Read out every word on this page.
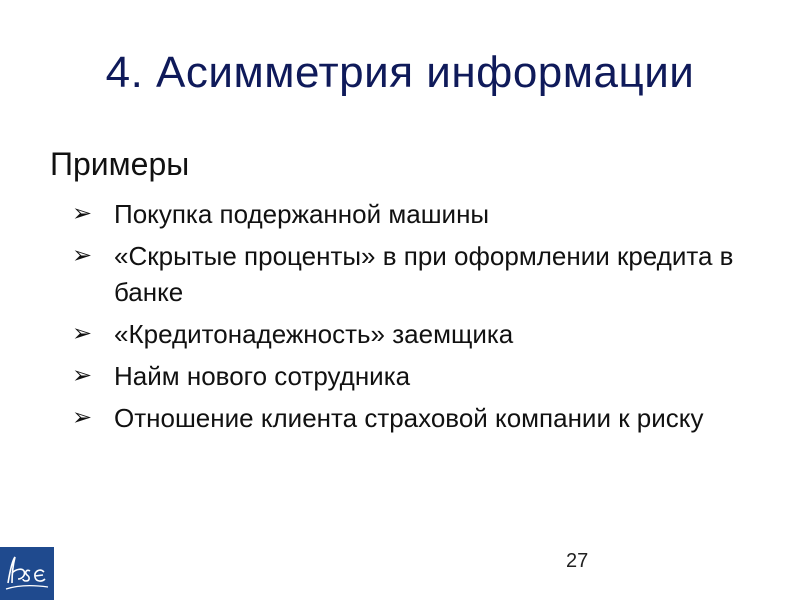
4. Асимметрия информации
Примеры
➢ Покупка подержанной машины
➢ «Скрытые проценты» в при оформлении кредита в банке
➢ «Кредитонадежность» заемщика
➢ Найм нового сотрудника
➢ Отношение клиента страховой компании к риску
27
